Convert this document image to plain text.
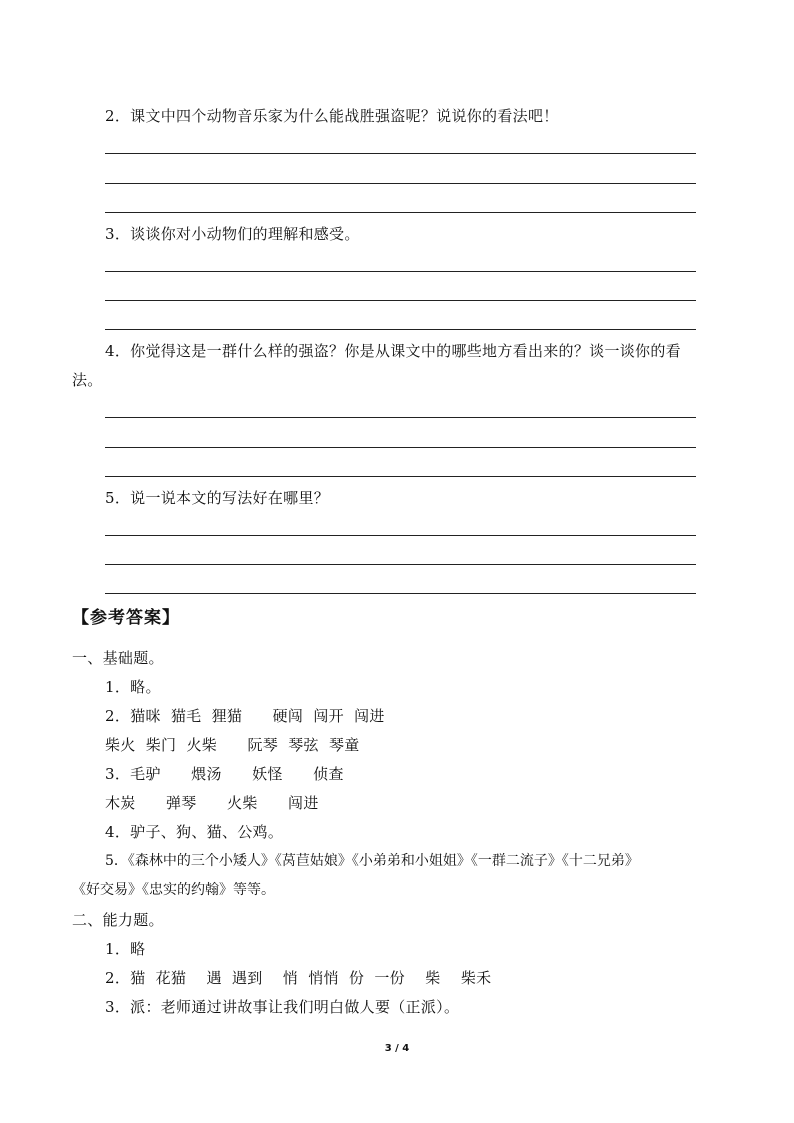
2．课文中四个动物音乐家为什么能战胜强盗呢？说说你的看法吧！
3．谈谈你对小动物们的理解和感受。
4．你觉得这是一群什么样的强盗？你是从课文中的哪些地方看出来的？谈一谈你的看
法。
5．说一说本文的写法好在哪里？
【参考答案】
一、基础题。
1．略。
2．猫咪  猫毛  狸猫      硬闯  闯开  闯进
柴火  柴门  火柴      阮琴  琴弦  琴童
3．毛驴      煨汤      妖怪      侦查
木炭      弹琴      火柴      闯进
4．驴子、狗、猫、公鸡。
5．《森林中的三个小矮人》《莴苣姑娘》《小弟弟和小姐姐》《一群二流子》《十二兄弟》
《好交易》《忠实的约翰》等等。
二、能力题。
1．略
2．猫  花猫    遇  遇到    悄  悄悄  份  一份    柴    柴禾
3．派：老师通过讲故事让我们明白做人要（正派）。
3 / 4
